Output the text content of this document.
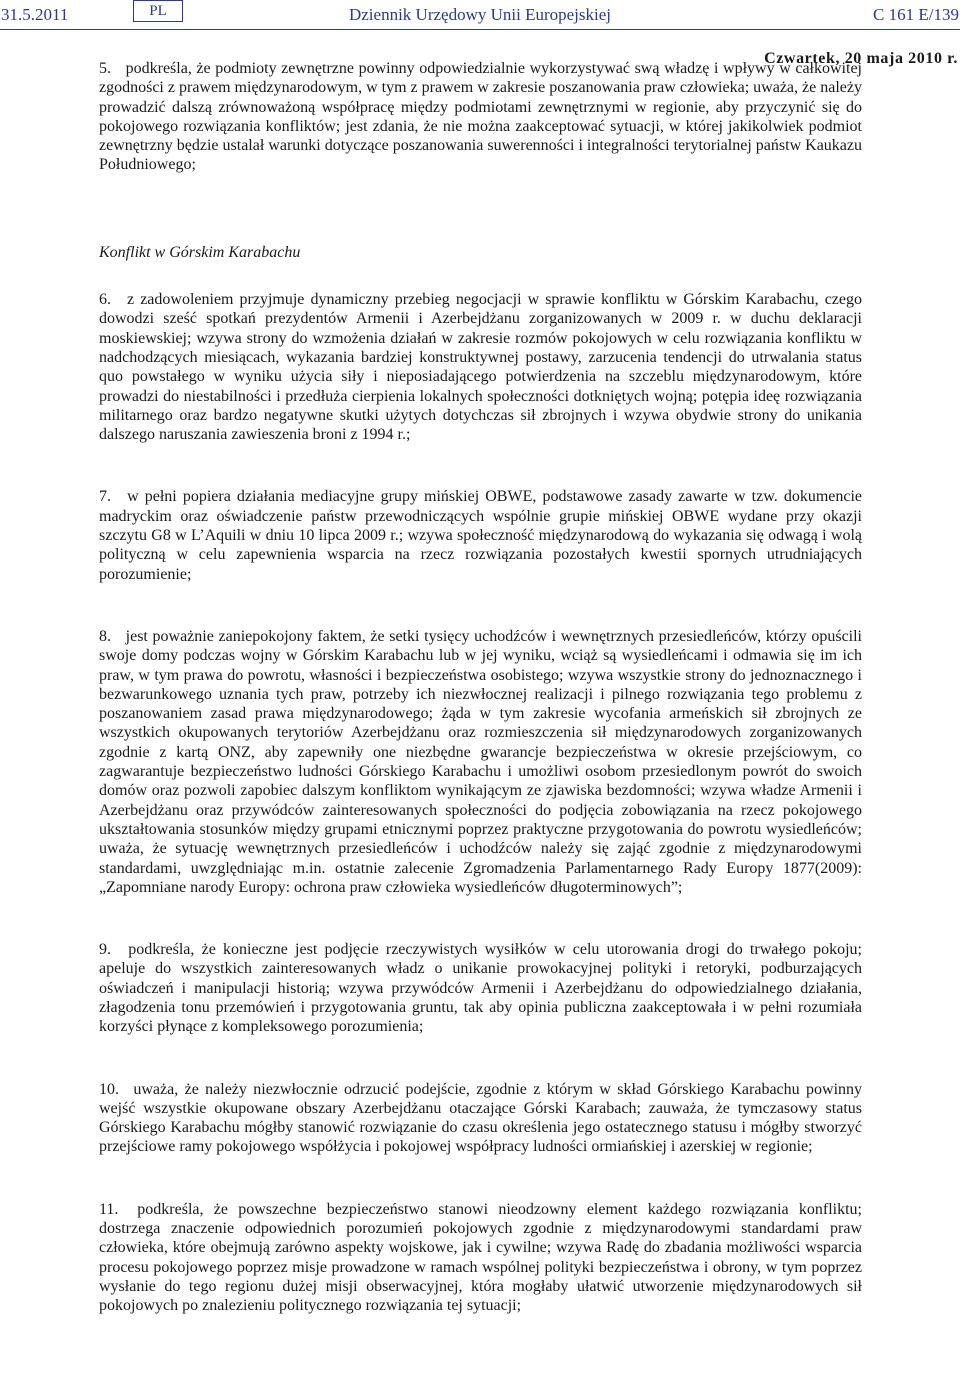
31.5.2011	PL	Dziennik Urzędowy Unii Europejskiej	C 161 E/139
Czwartek, 20 maja 2010 r.

5. podkreśla, że podmioty zewnętrzne powinny odpowiedzialnie wykorzystywać swą władzę i wpływy w całkowitej zgodności z prawem międzynarodowym, w tym z prawem w zakresie poszanowania praw człowieka; uważa, że należy prowadzić dalszą zrównoważoną współpracę między podmiotami zewnętrznymi w regionie, aby przyczynić się do pokojowego rozwiązania konfliktów; jest zdania, że nie można zaakceptować sytuacji, w której jakikolwiek podmiot zewnętrzny będzie ustalał warunki dotyczące poszanowania suwerenności i integralności terytorialnej państw Kaukazu Południowego;

Konflikt w Górskim Karabachu

6. z zadowoleniem przyjmuje dynamiczny przebieg negocjacji w sprawie konfliktu w Górskim Karabachu, czego dowodzi sześć spotkań prezydentów Armenii i Azerbejdżanu zorganizowanych w 2009 r. w duchu deklaracji moskiewskiej; wzywa strony do wzmożenia działań w zakresie rozmów pokojowych w celu rozwiązania konfliktu w nadchodzących miesiącach, wykazania bardziej konstruktywnej postawy, zarzucenia tendencji do utrwalania status quo powstałego w wyniku użycia siły i nieposiadającego potwierdzenia na szczeblu międzynarodowym, które prowadzi do niestabilności i przedłuża cierpienia lokalnych społeczności dotkniętych wojną; potępia ideę rozwiązania militarnego oraz bardzo negatywne skutki użytych dotychczas sił zbrojnych i wzywa obydwie strony do unikania dalszego naruszania zawieszenia broni z 1994 r.;

7. w pełni popiera działania mediacyjne grupy mińskiej OBWE, podstawowe zasady zawarte w tzw. dokumencie madryckim oraz oświadczenie państw przewodniczących wspólnie grupie mińskiej OBWE wydane przy okazji szczytu G8 w L’Aquili w dniu 10 lipca 2009 r.; wzywa społeczność międzynarodową do wykazania się odwagą i wolą polityczną w celu zapewnienia wsparcia na rzecz rozwiązania pozostałych kwestii spornych utrudniających porozumienie;

8. jest poważnie zaniepokojony faktem, że setki tysięcy uchodźców i wewnętrznych przesiedleńców, którzy opuścili swoje domy podczas wojny w Górskim Karabachu lub w jej wyniku, wciąż są wysiedleńcami i odmawia się im ich praw, w tym prawa do powrotu, własności i bezpieczeństwa osobistego; wzywa wszystkie strony do jednoznacznego i bezwarunkowego uznania tych praw, potrzeby ich niezwłocznej realizacji i pilnego rozwiązania tego problemu z poszanowaniem zasad prawa międzynarodowego; żąda w tym zakresie wycofania armeńskich sił zbrojnych ze wszystkich okupowanych terytoriów Azerbejdżanu oraz rozmieszczenia sił międzynarodowych zorganizowanych zgodnie z kartą ONZ, aby zapewniły one niezbędne gwarancje bezpieczeństwa w okresie przejściowym, co zagwarantuje bezpieczeństwo ludności Górskiego Karabachu i umożliwi osobom przesiedlonym powrót do swoich domów oraz pozwoli zapobiec dalszym konfliktom wynikającym ze zjawiska bezdomności; wzywa władze Armenii i Azerbejdżanu oraz przywódców zainteresowanych społeczności do podjęcia zobowiązania na rzecz pokojowego ukształtowania stosunków między grupami etnicznymi poprzez praktyczne przygotowania do powrotu wysiedleńców; uważa, że sytuację wewnętrznych przesiedleńców i uchodźców należy się zająć zgodnie z międzynarodowymi standardami, uwzględniając m.in. ostatnie zalecenie Zgromadzenia Parlamentarnego Rady Europy 1877(2009): „Zapomniane narody Europy: ochrona praw człowieka wysiedleńców długoterminowych”;

9. podkreśla, że konieczne jest podjęcie rzeczywistych wysiłków w celu utorowania drogi do trwałego pokoju; apeluje do wszystkich zainteresowanych władz o unikanie prowokacyjnej polityki i retoryki, podburzających oświadczeń i manipulacji historią; wzywa przywódców Armenii i Azerbejdżanu do odpowiedzialnego działania, złagodzenia tonu przemówień i przygotowania gruntu, tak aby opinia publiczna zaakceptowała i w pełni rozumiała korzyści płynące z kompleksowego porozumienia;

10. uważa, że należy niezwłocznie odrzucić podejście, zgodnie z którym w skład Górskiego Karabachu powinny wejść wszystkie okupowane obszary Azerbejdżanu otaczające Górski Karabach; zauważa, że tymczasowy status Górskiego Karabachu mógłby stanowić rozwiązanie do czasu określenia jego ostatecznego statusu i mógłby stworzyć przejściowe ramy pokojowego współżycia i pokojowej współpracy ludności ormiańskiej i azerskiej w regionie;

11. podkreśla, że powszechne bezpieczeństwo stanowi nieodzowny element każdego rozwiązania konfliktu; dostrzega znaczenie odpowiednich porozumień pokojowych zgodnie z międzynarodowymi standardami praw człowieka, które obejmują zarówno aspekty wojskowe, jak i cywilne; wzywa Radę do zbadania możliwości wsparcia procesu pokojowego poprzez misje prowadzone w ramach wspólnej polityki bezpieczeństwa i obrony, w tym poprzez wysłanie do tego regionu dużej misji obserwacyjnej, która mogłaby ułatwić utworzenie międzynarodowych sił pokojowych po znalezieniu politycznego rozwiązania tej sytuacji;
